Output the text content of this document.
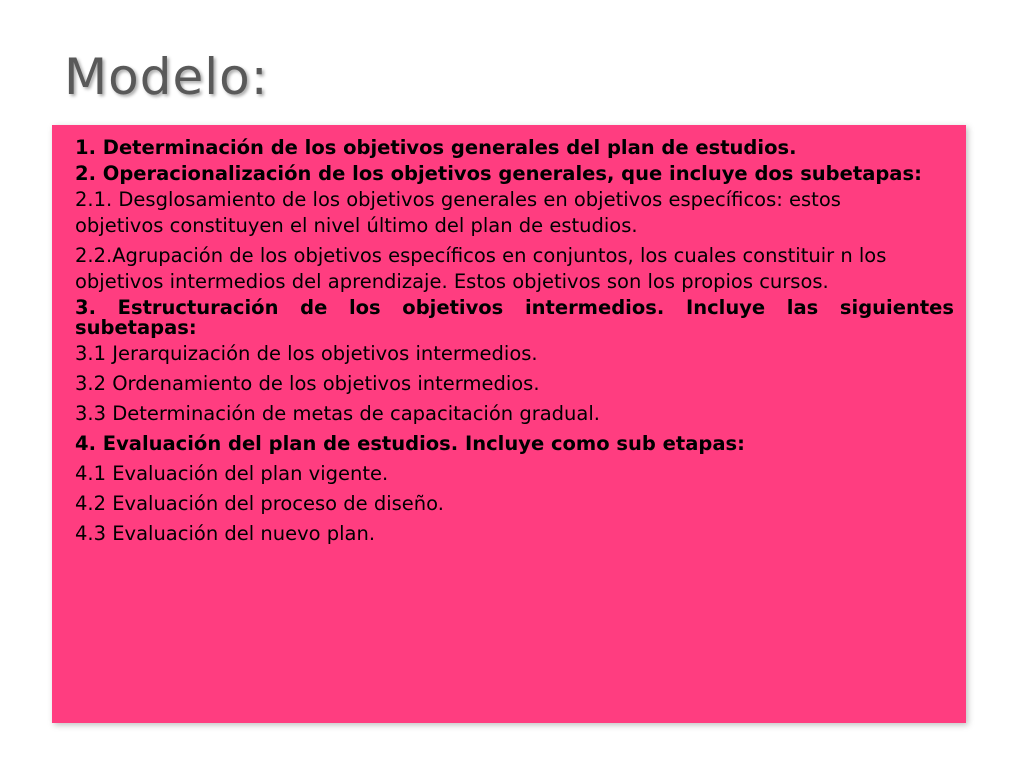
Modelo:

1. Determinación de los objetivos generales del plan de estudios.

2. Operacionalización de los objetivos generales, que incluye dos subetapas:

2.1. Desglosamiento de los objetivos generales en objetivos específicos: estos

objetivos constituyen el nivel último del plan de estudios.

2.2.Agrupación de los objetivos específicos en conjuntos, los cuales constituir n los

objetivos intermedios del aprendizaje. Estos objetivos son los propios cursos.

3. Estructuración de los objetivos intermedios. Incluye las siguientes subetapas:

3.1 Jerarquización de los objetivos intermedios.

3.2 Ordenamiento de los objetivos intermedios.

3.3 Determinación de metas de capacitación gradual.

4. Evaluación del plan de estudios. Incluye como sub etapas:

4.1 Evaluación del plan vigente.

4.2 Evaluación del proceso de diseño.

4.3 Evaluación del nuevo plan.
